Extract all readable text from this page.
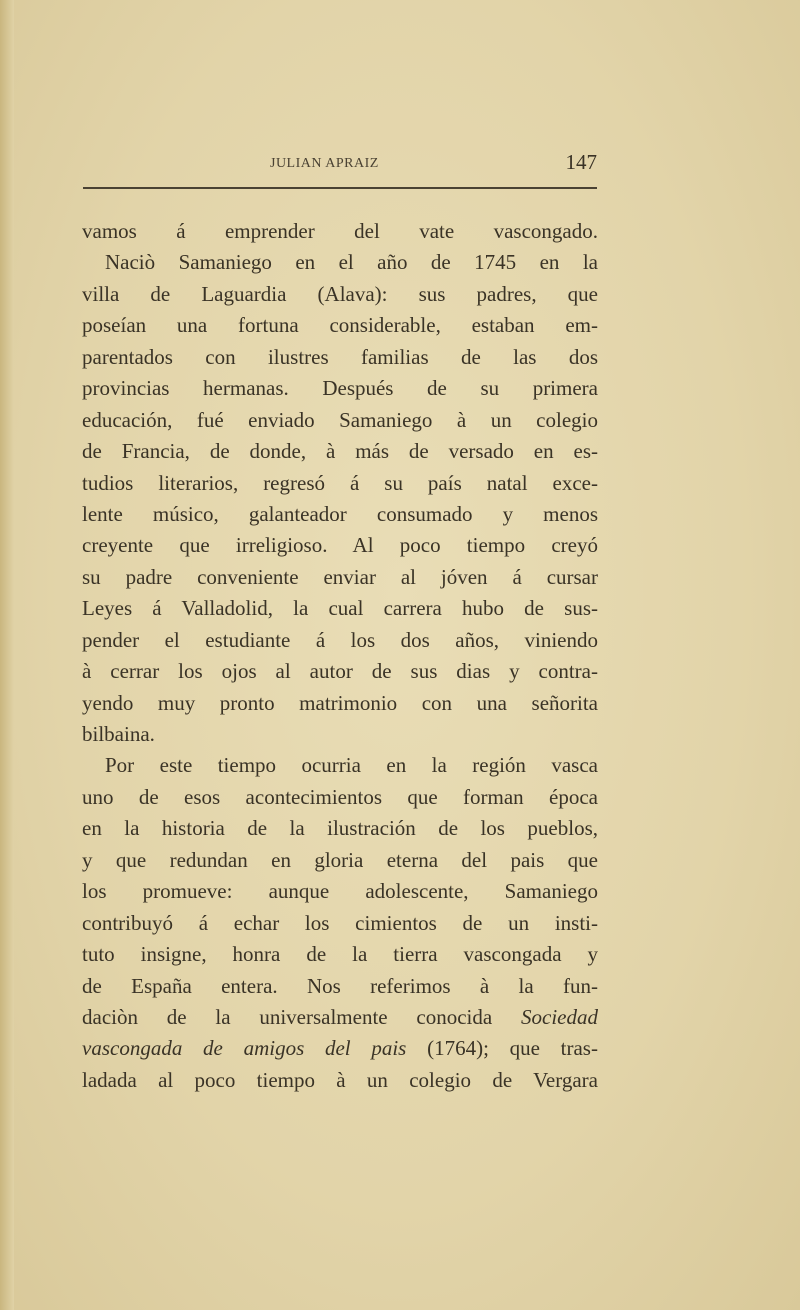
JULIAN APRAIZ	147
vamos á emprender del vate vascongado.
Naciò Samaniego en el año de 1745 en la
villa de Laguardia (Alava): sus padres, que
poseían una fortuna considerable, estaban em-
parentados con ilustres familias de las dos
provincias hermanas. Después de su primera
educación, fué enviado Samaniego à un colegio
de Francia, de donde, à más de versado en es-
tudios literarios, regresó á su país natal exce-
lente músico, galanteador consumado y menos
creyente que irreligioso. Al poco tiempo creyó
su padre conveniente enviar al jóven á cursar
Leyes á Valladolid, la cual carrera hubo de sus-
pender el estudiante á los dos años, viniendo
à cerrar los ojos al autor de sus dias y contra-
yendo muy pronto matrimonio con una señorita
bilbaina.
Por este tiempo ocurria en la región vasca
uno de esos acontecimientos que forman época
en la historia de la ilustración de los pueblos,
y que redundan en gloria eterna del pais que
los promueve: aunque adolescente, Samaniego
contribuyó á echar los cimientos de un insti-
tuto insigne, honra de la tierra vascongada y
de España entera. Nos referimos à la fun-
daciòn de la universalmente conocida Sociedad
vascongada de amigos del pais (1764); que tras-
ladada al poco tiempo à un colegio de Vergara
